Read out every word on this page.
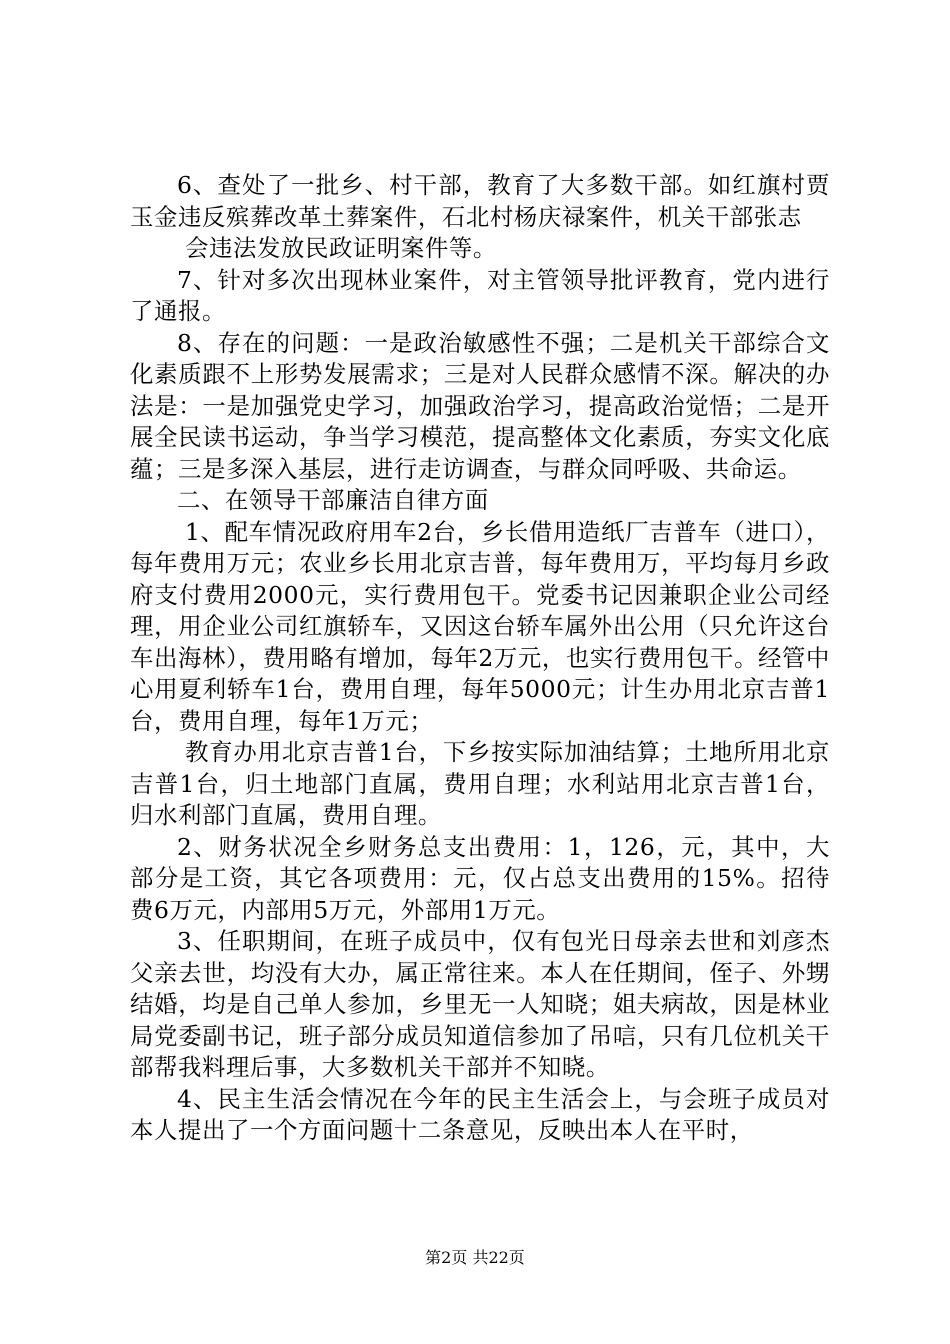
6、查处了一批乡、村干部，教育了大多数干部。如红旗村贾玉金违反殡葬改革土葬案件，石北村杨庆禄案件，机关干部张志

会违法发放民政证明案件等。

7、针对多次出现林业案件，对主管领导批评教育，党内进行了通报。

8、存在的问题：一是政治敏感性不强；二是机关干部综合文化素质跟不上形势发展需求；三是对人民群众感情不深。解决的办法是：一是加强党史学习，加强政治学习，提高政治觉悟；二是开展全民读书运动，争当学习模范，提高整体文化素质，夯实文化底蕴；三是多深入基层，进行走访调查，与群众同呼吸、共命运。

二、在领导干部廉洁自律方面

1、配车情况政府用车2台，乡长借用造纸厂吉普车（进口），每年费用万元；农业乡长用北京吉普，每年费用万，平均每月乡政府支付费用2000元，实行费用包干。党委书记因兼职企业公司经理，用企业公司红旗轿车，又因这台轿车属外出公用（只允许这台车出海林），费用略有增加，每年2万元，也实行费用包干。经管中心用夏利轿车1台，费用自理，每年5000元；计生办用北京吉普1台，费用自理，每年1万元；

教育办用北京吉普1台，下乡按实际加油结算；土地所用北京吉普1台，归土地部门直属，费用自理；水利站用北京吉普1台，归水利部门直属，费用自理。

2、财务状况全乡财务总支出费用：1，126，元，其中，大部分是工资，其它各项费用：元，仅占总支出费用的15%。招待费6万元，内部用5万元，外部用1万元。

3、任职期间，在班子成员中，仅有包光日母亲去世和刘彦杰父亲去世，均没有大办，属正常往来。本人在任期间，侄子、外甥结婚，均是自己单人参加，乡里无一人知晓；姐夫病故，因是林业局党委副书记，班子部分成员知道信参加了吊唁，只有几位机关干部帮我料理后事，大多数机关干部并不知晓。

4、民主生活会情况在今年的民主生活会上，与会班子成员对本人提出了一个方面问题十二条意见，反映出本人在平时，

第2页 共22页
